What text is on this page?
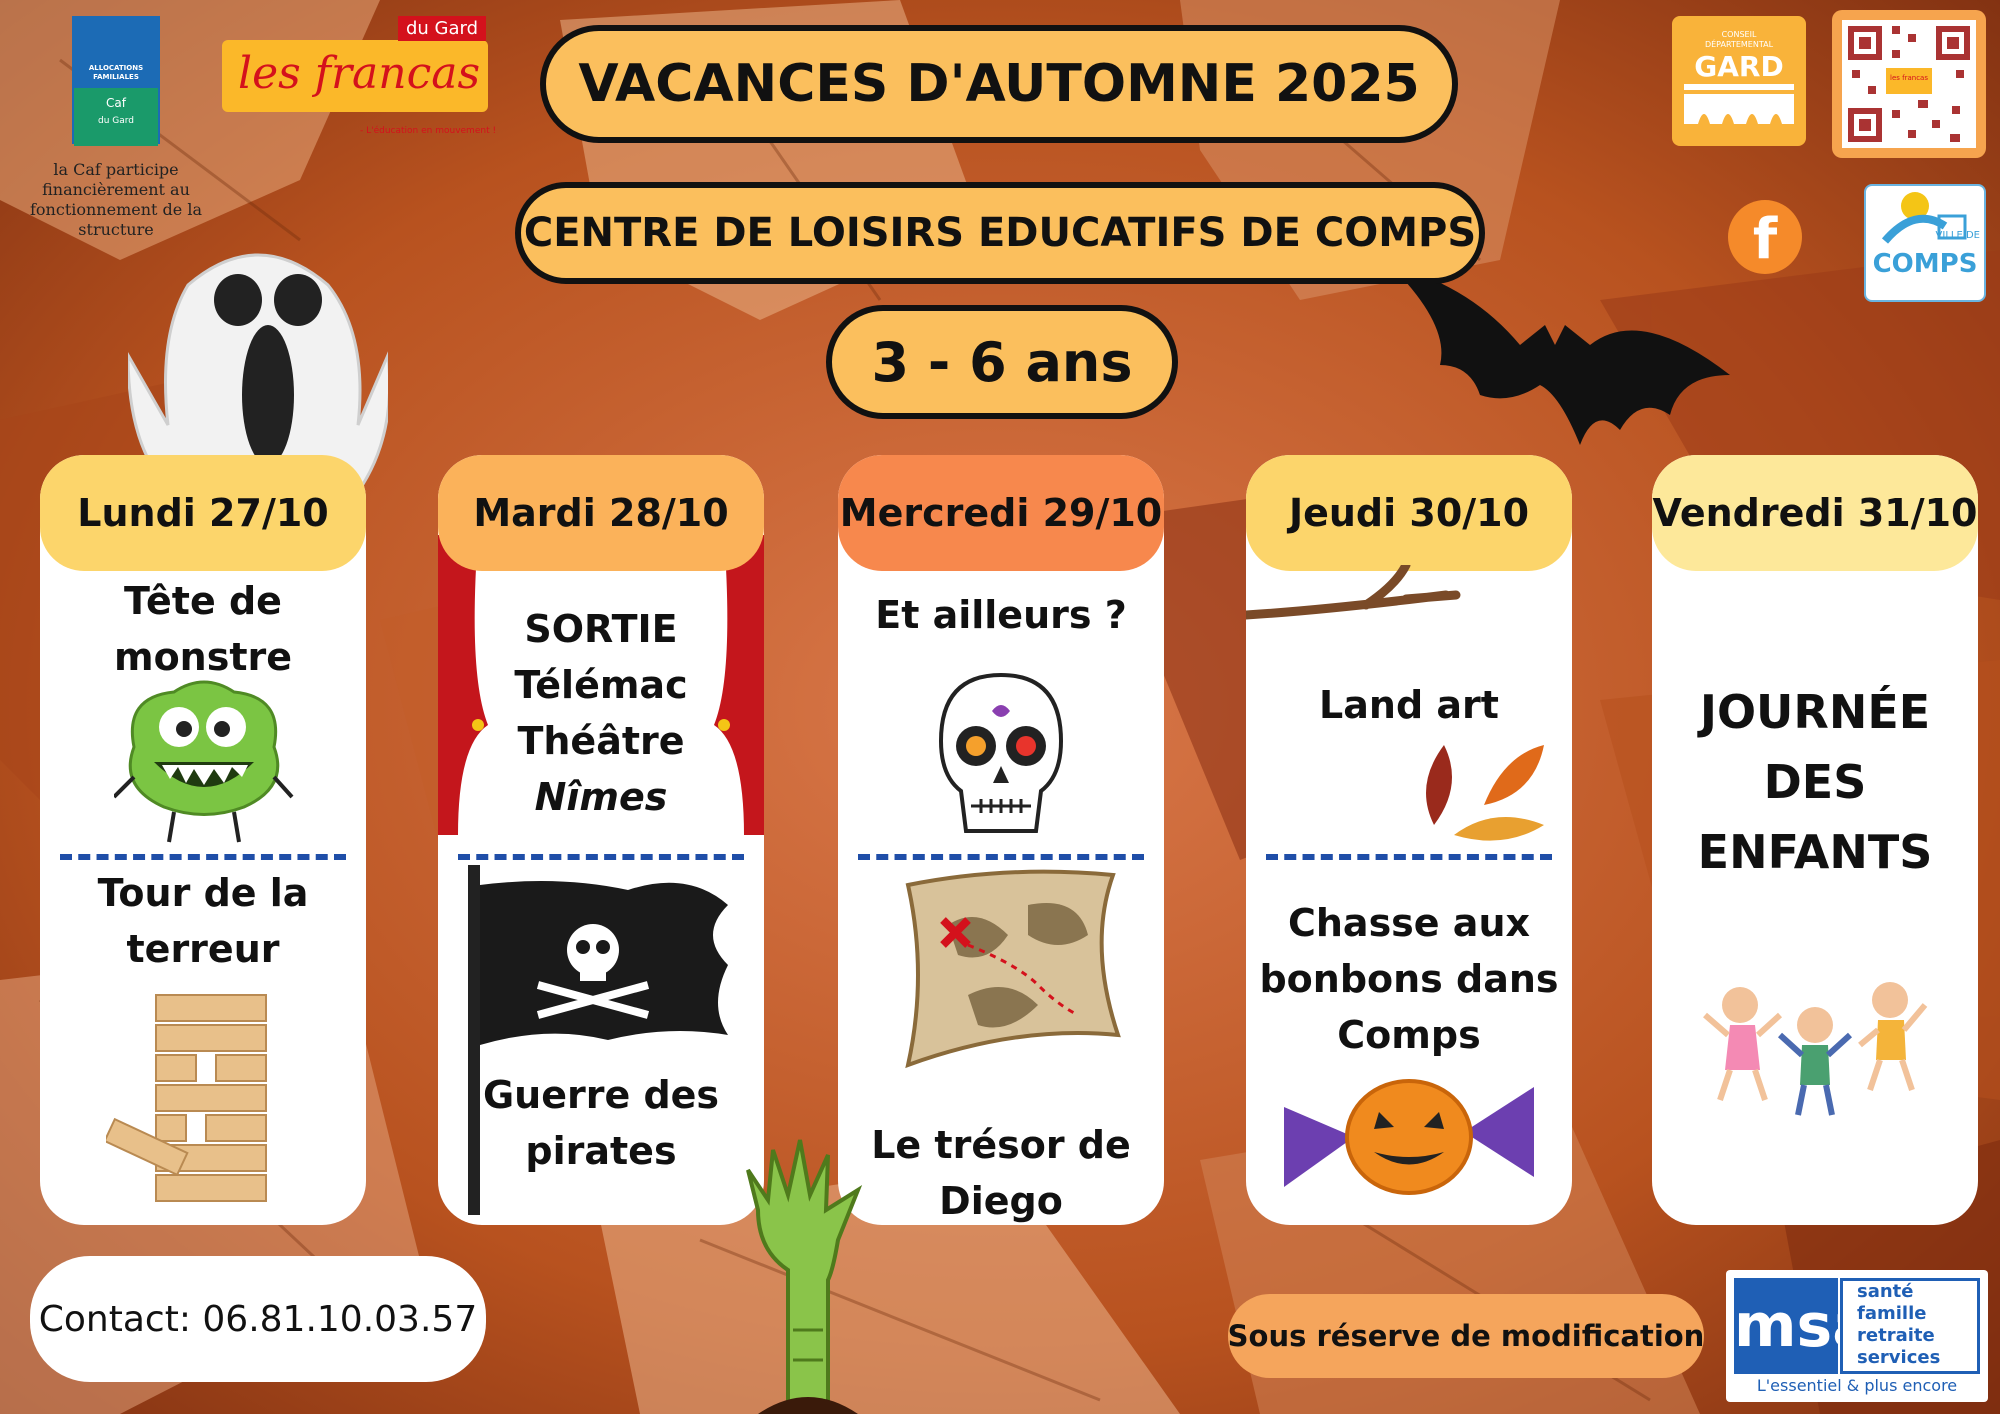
VACANCES D'AUTOMNE 2025
CENTRE DE LOISIRS EDUCATIFS DE COMPS
3 - 6 ans
ALLOCATIONS
FAMILIALES
Caf
du Gard
la Caf participe financièrement au fonctionnement de la structure
les francas
du Gard
- L'éducation en mouvement !
CONSEIL
DÉPARTEMENTAL
GARD	les francas
f	VILLE DE
COMPS
Lundi 27/10
Tête de
monstre
Tour de la
terreur
Mardi 28/10
SORTIE
Télémac
Théâtre
Nîmes
Guerre des
pirates
Mercredi 29/10
Et ailleurs ?
Le trésor de
Diego
Jeudi 30/10
Land art
Chasse aux
bonbons dans
Comps
Vendredi 31/10
JOURNÉE
DES
ENFANTS
Contact: 06.81.10.03.57	Sous réserve de modification msa
santé
famille
retraite
services
L'essentiel & plus encore
